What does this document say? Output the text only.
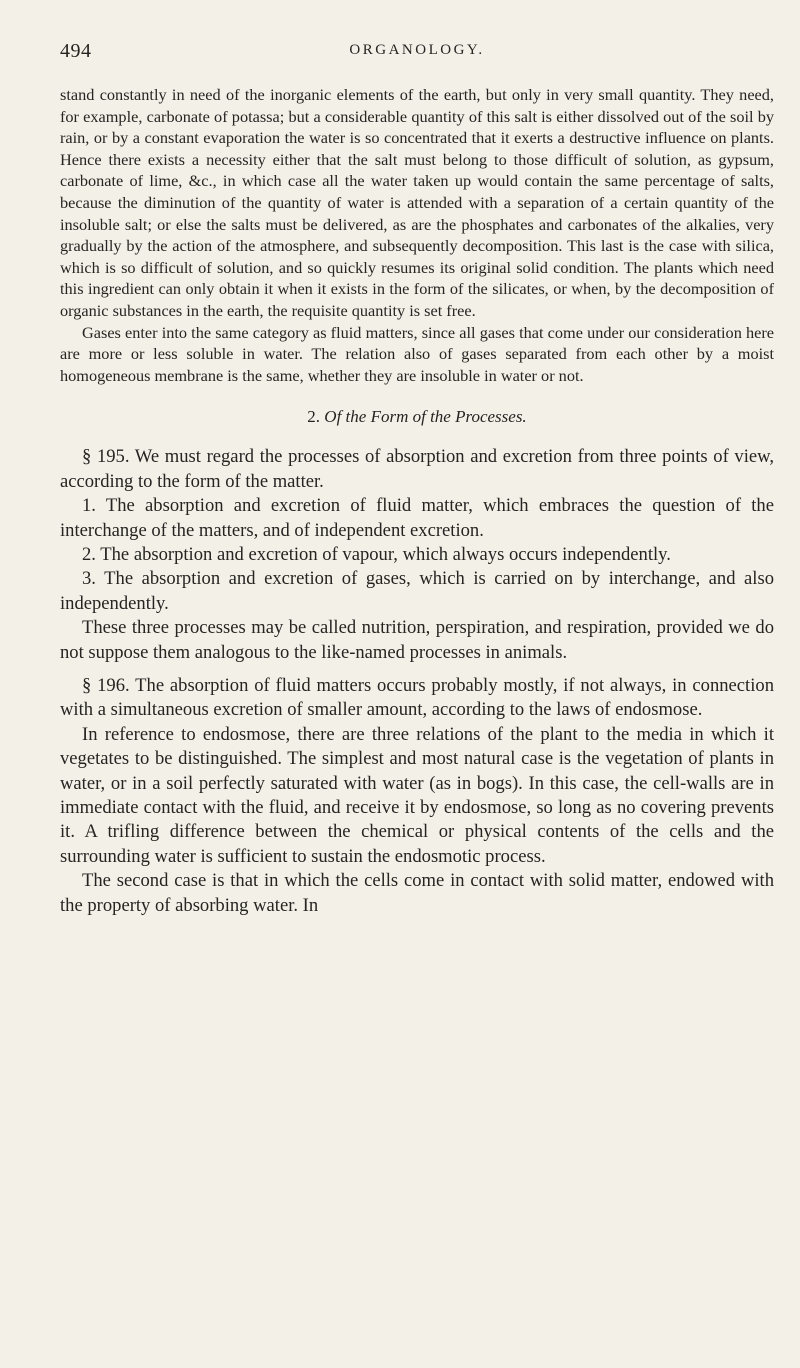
494	ORGANOLOGY.

stand constantly in need of the inorganic elements of the earth, but only in very small quantity. They need, for example, carbonate of potassa; but a considerable quantity of this salt is either dissolved out of the soil by rain, or by a constant evaporation the water is so concentrated that it exerts a destructive influence on plants. Hence there exists a necessity either that the salt must belong to those difficult of solution, as gypsum, carbonate of lime, &c., in which case all the water taken up would contain the same percentage of salts, because the diminution of the quantity of water is attended with a separation of a certain quantity of the insoluble salt; or else the salts must be delivered, as are the phosphates and carbonates of the alkalies, very gradually by the action of the atmosphere, and subsequently decomposition. This last is the case with silica, which is so difficult of solution, and so quickly resumes its original solid condition. The plants which need this ingredient can only obtain it when it exists in the form of the silicates, or when, by the decomposition of organic substances in the earth, the requisite quantity is set free.

Gases enter into the same category as fluid matters, since all gases that come under our consideration here are more or less soluble in water. The relation also of gases separated from each other by a moist homogeneous membrane is the same, whether they are insoluble in water or not.

2. Of the Form of the Processes.

§ 195. We must regard the processes of absorption and excretion from three points of view, according to the form of the matter.

1. The absorption and excretion of fluid matter, which embraces the question of the interchange of the matters, and of independent excretion.

2. The absorption and excretion of vapour, which always occurs independently.

3. The absorption and excretion of gases, which is carried on by interchange, and also independently.

These three processes may be called nutrition, perspiration, and respiration, provided we do not suppose them analogous to the like-named processes in animals.

§ 196. The absorption of fluid matters occurs probably mostly, if not always, in connection with a simultaneous excretion of smaller amount, according to the laws of endosmose.

In reference to endosmose, there are three relations of the plant to the media in which it vegetates to be distinguished. The simplest and most natural case is the vegetation of plants in water, or in a soil perfectly saturated with water (as in bogs). In this case, the cell-walls are in immediate contact with the fluid, and receive it by endosmose, so long as no covering prevents it. A trifling difference between the chemical or physical contents of the cells and the surrounding water is sufficient to sustain the endosmotic process.

The second case is that in which the cells come in contact with solid matter, endowed with the property of absorbing water. In
